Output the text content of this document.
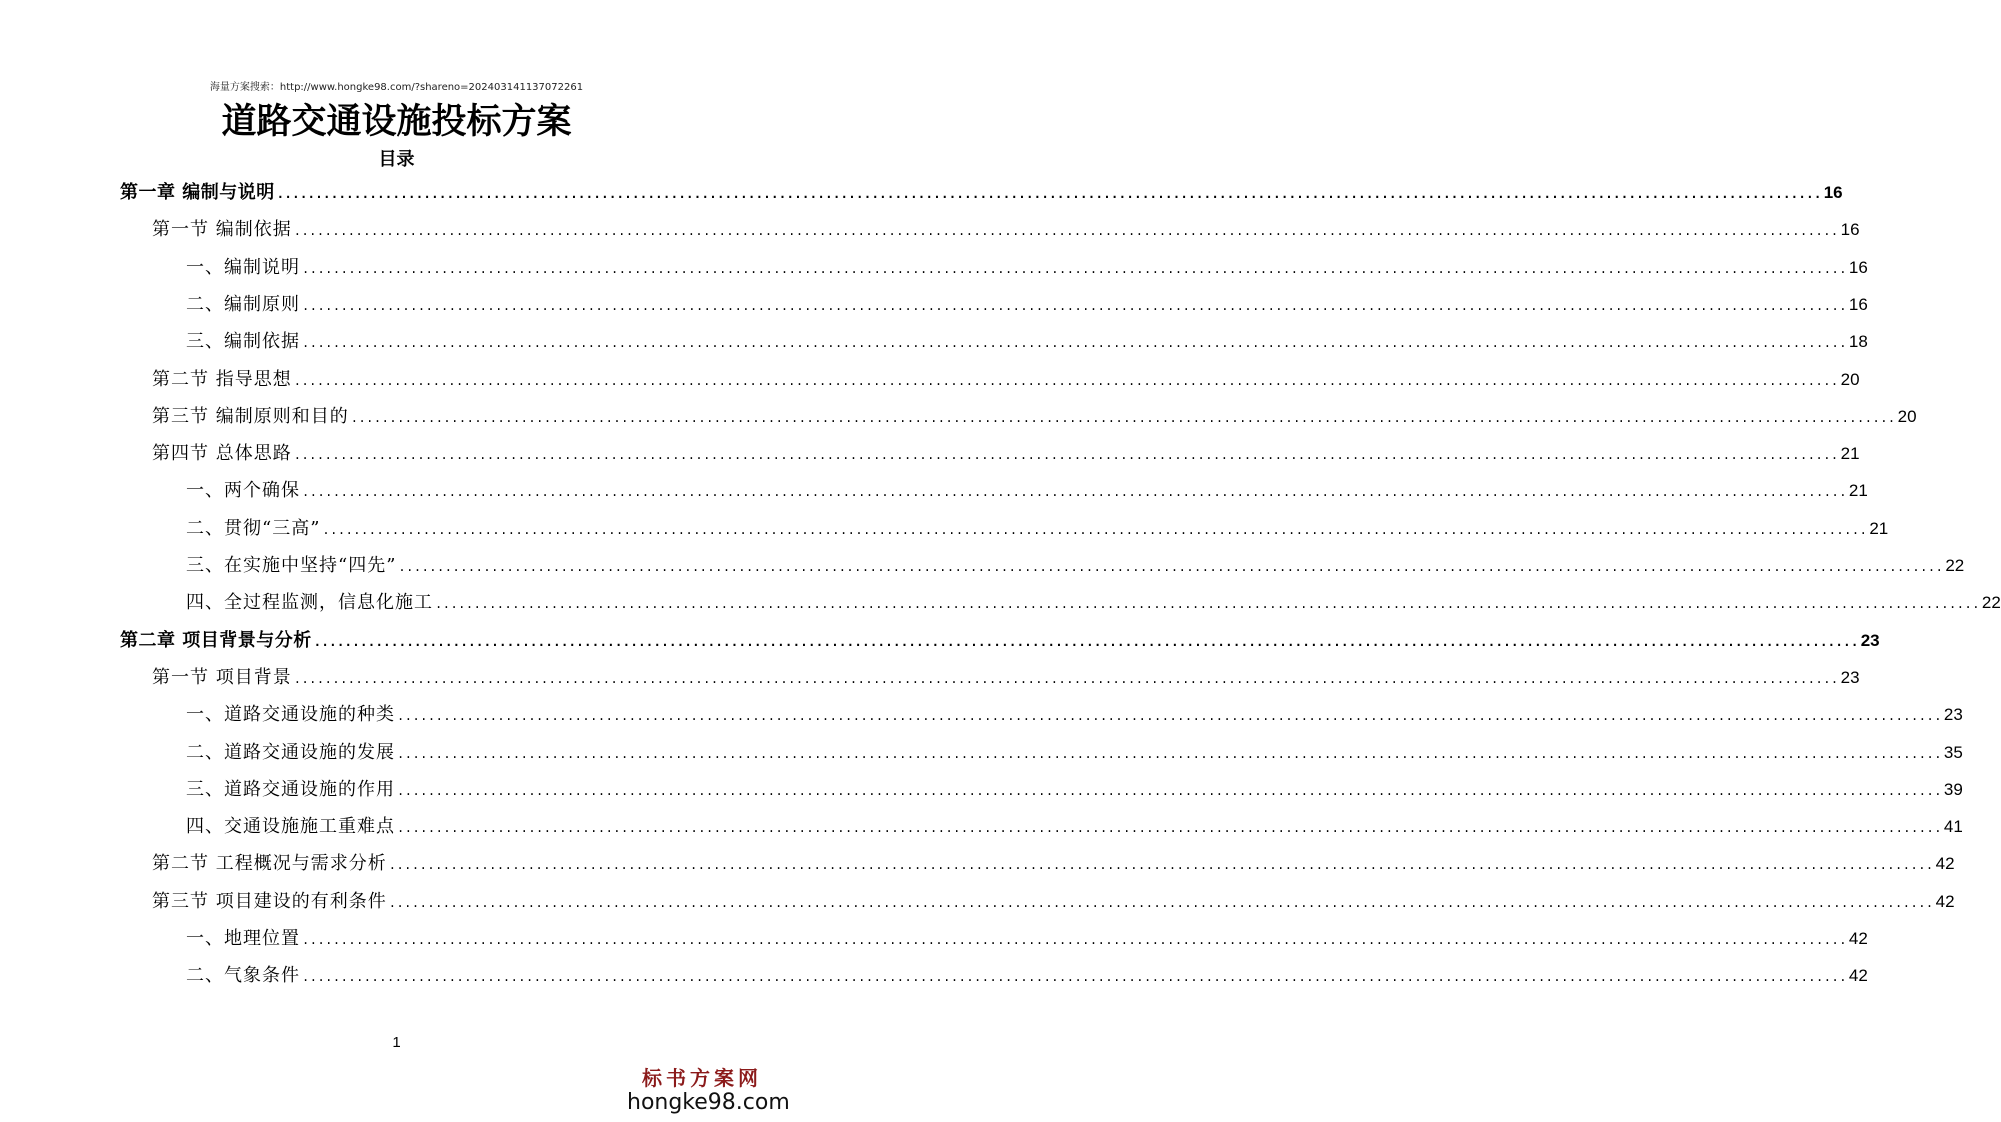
海量方案搜索：http://www.hongke98.com/?shareno=202403141137072261
道路交通设施投标方案
目录
第一章 编制与说明 ........................................................................................................................................................................................................ 16
第一节 编制依据 ........................................................................................................................................................................................................ 16
一、编制说明 ........................................................................................................................................................................................................ 16
二、编制原则 ........................................................................................................................................................................................................ 16
三、编制依据 ........................................................................................................................................................................................................ 18
第二节 指导思想 ........................................................................................................................................................................................................ 20
第三节 编制原则和目的 ........................................................................................................................................................................................................ 20
第四节 总体思路 ........................................................................................................................................................................................................ 21
一、两个确保 ........................................................................................................................................................................................................ 21
二、贯彻“三高” ........................................................................................................................................................................................................ 21
三、在实施中坚持“四先” ........................................................................................................................................................................................................ 22
四、全过程监测，信息化施工 ........................................................................................................................................................................................................ 22
第二章 项目背景与分析 ........................................................................................................................................................................................................ 23
第一节 项目背景 ........................................................................................................................................................................................................ 23
一、道路交通设施的种类 ........................................................................................................................................................................................................ 23
二、道路交通设施的发展 ........................................................................................................................................................................................................ 35
三、道路交通设施的作用 ........................................................................................................................................................................................................ 39
四、交通设施施工重难点 ........................................................................................................................................................................................................ 41
第二节 工程概况与需求分析 ........................................................................................................................................................................................................ 42
第三节 项目建设的有利条件 ........................................................................................................................................................................................................ 42
一、地理位置 ........................................................................................................................................................................................................ 42
二、气象条件 ........................................................................................................................................................................................................ 42
1
标书方案网
hongke98.com
